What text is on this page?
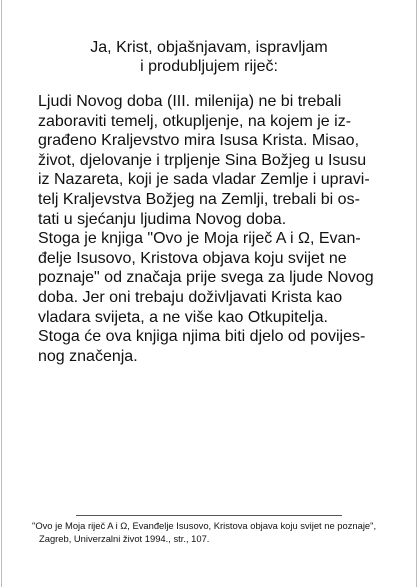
Ja, Krist, objašnjavam, ispravljam
i produbljujem riječ:
Ljudi Novog doba (III. milenija) ne bi trebali
zaboraviti temelj, otkupljenje, na kojem je iz-
građeno Kraljevstvo mira Isusa Krista. Misao,
život, djelovanje i trpljenje Sina Božjeg u Isusu
iz Nazareta, koji je sada vladar Zemlje i upravi-
telj Kraljevstva Božjeg na Zemlji, trebali bi os-
tati u sjećanju ljudima Novog doba.
Stoga je knjiga "Ovo je Moja riječ A i Ω, Evan-
đelje Isusovo, Kristova objava koju svijet ne
poznaje" od značaja prije svega za ljude Novog
doba. Jer oni trebaju doživljavati Krista kao
vladara svijeta, a ne više kao Otkupitelja.
Stoga će ova knjiga njima biti djelo od povijes-
nog značenja.
"Ovo je Moja riječ A i Ω, Evanđelje Isusovo, Kristova objava koju svijet ne poznaje",
Zagreb, Univerzalni život 1994., str., 107.
